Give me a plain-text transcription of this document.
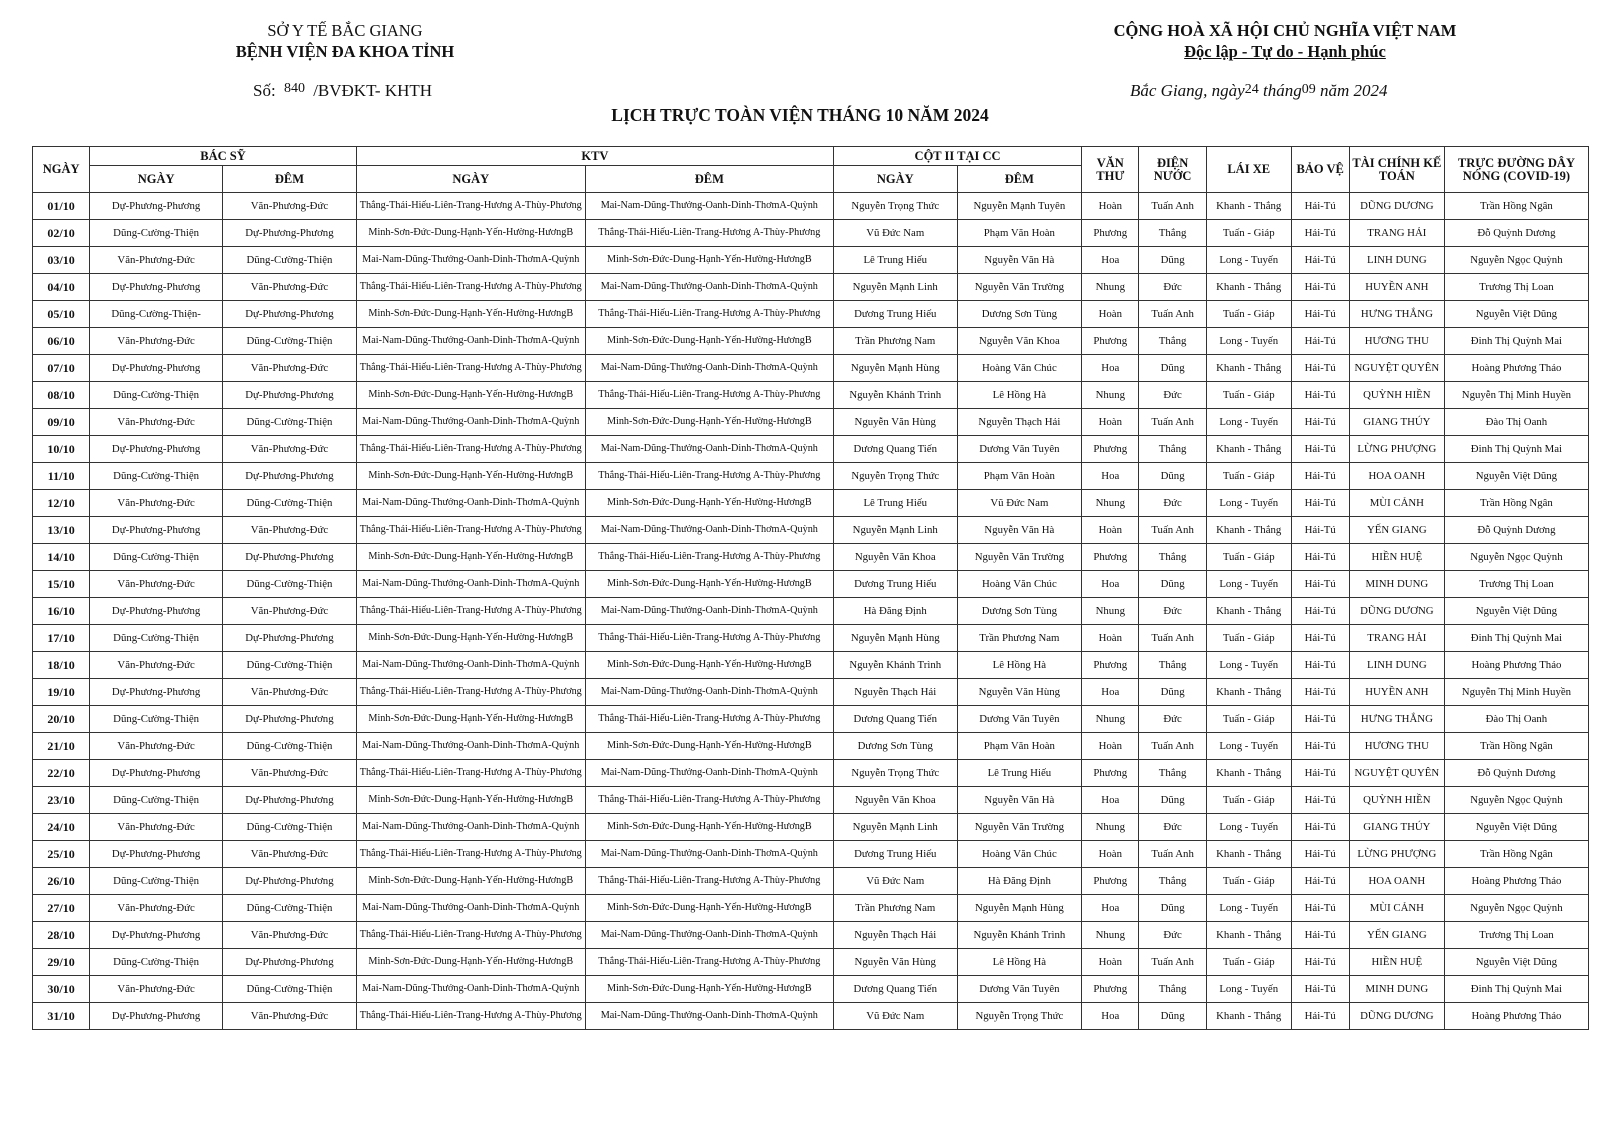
SỞ Y TẾ BẮC GIANG
BỆNH VIỆN ĐA KHOA TỈNH
CỘNG HOÀ XÃ HỘI CHỦ NGHĨA VIỆT NAM
Độc lập - Tự do - Hạnh phúc
Số: $^{840}$ /BVĐKT- KHTH	Bắc Giang, ngày24 tháng09 năm 2024
LỊCH TRỰC TOÀN VIỆN THÁNG 10 NĂM 2024
NGÀY	BÁC SỸ		KTV		CỘT II TẠI CC		VĂN THƯ	ĐIỆN NƯỚC	LÁI XE	BẢO VỆ	TÀI CHÍNH KẾ TOÁN	TRỰC ĐƯỜNG DÂY NÓNG (COVID-19)
	NGÀY	ĐÊM	NGÀY	ĐÊM	NGÀY	ĐÊM						
01/10	Dự-Phương-Phương	Văn-Phương-Đức	Thắng-Thái-Hiếu-Liên-Trang-Hương A-Thùy-Phương	Mai-Nam-Dũng-Thưởng-Oanh-Dinh-ThơmA-Quỳnh	Nguyễn Trọng Thức	Nguyễn Mạnh Tuyên	Hoàn	Tuấn Anh	Khanh - Thắng	Hải-Tú	DŨNG DƯƠNG	Trần Hồng Ngân
02/10	Dũng-Cường-Thiện	Dự-Phương-Phương	Minh-Sơn-Đức-Dung-Hạnh-Yến-Hường-HươngB	Thắng-Thái-Hiếu-Liên-Trang-Hương A-Thùy-Phương	Vũ Đức Nam	Phạm Văn Hoàn	Phương	Thắng	Tuấn - Giáp	Hải-Tú	TRANG HẢI	Đỗ Quỳnh Dương
03/10	Văn-Phương-Đức	Dũng-Cường-Thiện	Mai-Nam-Dũng-Thưởng-Oanh-Dinh-ThơmA-Quỳnh	Minh-Sơn-Đức-Dung-Hạnh-Yến-Hường-HươngB	Lê Trung Hiếu	Nguyễn Văn Hà	Hoa	Dũng	Long - Tuyến	Hải-Tú	LINH DUNG	Nguyễn Ngọc Quỳnh
04/10	Dự-Phương-Phương	Văn-Phương-Đức	Thắng-Thái-Hiếu-Liên-Trang-Hương A-Thùy-Phương	Mai-Nam-Dũng-Thưởng-Oanh-Dinh-ThơmA-Quỳnh	Nguyễn Mạnh Linh	Nguyễn Văn Trường	Nhung	Đức	Khanh - Thắng	Hải-Tú	HUYỀN ANH	Trương Thị Loan
05/10	Dũng-Cường-Thiện-	Dự-Phương-Phương	Minh-Sơn-Đức-Dung-Hạnh-Yến-Hường-HươngB	Thắng-Thái-Hiếu-Liên-Trang-Hương A-Thùy-Phương	Dương Trung Hiếu	Dương Sơn Tùng	Hoàn	Tuấn Anh	Tuấn - Giáp	Hải-Tú	HƯNG THẮNG	Nguyễn Việt Dũng
06/10	Văn-Phương-Đức	Dũng-Cường-Thiện	Mai-Nam-Dũng-Thưởng-Oanh-Dinh-ThơmA-Quỳnh	Minh-Sơn-Đức-Dung-Hạnh-Yến-Hường-HươngB	Trần Phương Nam	Nguyễn Văn Khoa	Phương	Thắng	Long - Tuyến	Hải-Tú	HƯƠNG THU	Đinh Thị Quỳnh Mai
07/10	Dự-Phương-Phương	Văn-Phương-Đức	Thắng-Thái-Hiếu-Liên-Trang-Hương A-Thùy-Phương	Mai-Nam-Dũng-Thưởng-Oanh-Dinh-ThơmA-Quỳnh	Nguyễn Mạnh Hùng	Hoàng Văn Chúc	Hoa	Dũng	Khanh - Thắng	Hải-Tú	NGUYỆT QUYÊN	Hoàng Phương Thảo
08/10	Dũng-Cường-Thiện	Dự-Phương-Phương	Minh-Sơn-Đức-Dung-Hạnh-Yến-Hường-HươngB	Thắng-Thái-Hiếu-Liên-Trang-Hương A-Thùy-Phương	Nguyễn Khánh Trình	Lê Hồng Hà	Nhung	Đức	Tuấn - Giáp	Hải-Tú	QUỲNH HIỀN	Nguyễn Thị Minh Huyền
09/10	Văn-Phương-Đức	Dũng-Cường-Thiện	Mai-Nam-Dũng-Thưởng-Oanh-Dinh-ThơmA-Quỳnh	Minh-Sơn-Đức-Dung-Hạnh-Yến-Hường-HươngB	Nguyễn Văn Hùng	Nguyễn Thạch Hải	Hoàn	Tuấn Anh	Long - Tuyến	Hải-Tú	GIANG THÚY	Đào Thị Oanh
10/10	Dự-Phương-Phương	Văn-Phương-Đức	Thắng-Thái-Hiếu-Liên-Trang-Hương A-Thùy-Phương	Mai-Nam-Dũng-Thưởng-Oanh-Dinh-ThơmA-Quỳnh	Dương Quang Tiến	Dương Văn Tuyên	Phương	Thắng	Khanh - Thắng	Hải-Tú	LỪNG PHƯỢNG	Đinh Thị Quỳnh Mai
11/10	Dũng-Cường-Thiện	Dự-Phương-Phương	Minh-Sơn-Đức-Dung-Hạnh-Yến-Hường-HươngB	Thắng-Thái-Hiếu-Liên-Trang-Hương A-Thùy-Phương	Nguyễn Trọng Thức	Phạm Văn Hoàn	Hoa	Dũng	Tuấn - Giáp	Hải-Tú	HOA OANH	Nguyễn Việt Dũng
12/10	Văn-Phương-Đức	Dũng-Cường-Thiện	Mai-Nam-Dũng-Thưởng-Oanh-Dinh-ThơmA-Quỳnh	Minh-Sơn-Đức-Dung-Hạnh-Yến-Hường-HươngB	Lê Trung Hiếu	Vũ Đức Nam	Nhung	Đức	Long - Tuyến	Hải-Tú	MÙI CẢNH	Trần Hồng Ngân
13/10	Dự-Phương-Phương	Văn-Phương-Đức	Thắng-Thái-Hiếu-Liên-Trang-Hương A-Thùy-Phương	Mai-Nam-Dũng-Thưởng-Oanh-Dinh-ThơmA-Quỳnh	Nguyễn Mạnh Linh	Nguyễn Văn Hà	Hoàn	Tuấn Anh	Khanh - Thắng	Hải-Tú	YẾN GIANG	Đỗ Quỳnh Dương
14/10	Dũng-Cường-Thiện	Dự-Phương-Phương	Minh-Sơn-Đức-Dung-Hạnh-Yến-Hường-HươngB	Thắng-Thái-Hiếu-Liên-Trang-Hương A-Thùy-Phương	Nguyễn Văn Khoa	Nguyễn Văn Trường	Phương	Thắng	Tuấn - Giáp	Hải-Tú	HIỀN HUỆ	Nguyễn Ngọc Quỳnh
15/10	Văn-Phương-Đức	Dũng-Cường-Thiện	Mai-Nam-Dũng-Thưởng-Oanh-Dinh-ThơmA-Quỳnh	Minh-Sơn-Đức-Dung-Hạnh-Yến-Hường-HươngB	Dương Trung Hiếu	Hoàng Văn Chúc	Hoa	Dũng	Long - Tuyến	Hải-Tú	MINH DUNG	Trương Thị Loan
16/10	Dự-Phương-Phương	Văn-Phương-Đức	Thắng-Thái-Hiếu-Liên-Trang-Hương A-Thùy-Phương	Mai-Nam-Dũng-Thưởng-Oanh-Dinh-ThơmA-Quỳnh	Hà Đăng Định	Dương Sơn Tùng	Nhung	Đức	Khanh - Thắng	Hải-Tú	DŨNG DƯƠNG	Nguyễn Việt Dũng
17/10	Dũng-Cường-Thiện	Dự-Phương-Phương	Minh-Sơn-Đức-Dung-Hạnh-Yến-Hường-HươngB	Thắng-Thái-Hiếu-Liên-Trang-Hương A-Thùy-Phương	Nguyễn Mạnh Hùng	Trần Phương Nam	Hoàn	Tuấn Anh	Tuấn - Giáp	Hải-Tú	TRANG HẢI	Đinh Thị Quỳnh Mai
18/10	Văn-Phương-Đức	Dũng-Cường-Thiện	Mai-Nam-Dũng-Thưởng-Oanh-Dinh-ThơmA-Quỳnh	Minh-Sơn-Đức-Dung-Hạnh-Yến-Hường-HươngB	Nguyễn Khánh Trình	Lê Hồng Hà	Phương	Thắng	Long - Tuyến	Hải-Tú	LINH DUNG	Hoàng Phương Thảo
19/10	Dự-Phương-Phương	Văn-Phương-Đức	Thắng-Thái-Hiếu-Liên-Trang-Hương A-Thùy-Phương	Mai-Nam-Dũng-Thưởng-Oanh-Dinh-ThơmA-Quỳnh	Nguyễn Thạch Hải	Nguyễn Văn Hùng	Hoa	Dũng	Khanh - Thắng	Hải-Tú	HUYỀN ANH	Nguyễn Thị Minh Huyền
20/10	Dũng-Cường-Thiện	Dự-Phương-Phương	Minh-Sơn-Đức-Dung-Hạnh-Yến-Hường-HươngB	Thắng-Thái-Hiếu-Liên-Trang-Hương A-Thùy-Phương	Dương Quang Tiến	Dương Văn Tuyên	Nhung	Đức	Tuấn - Giáp	Hải-Tú	HƯNG THẮNG	Đào Thị Oanh
21/10	Văn-Phương-Đức	Dũng-Cường-Thiện	Mai-Nam-Dũng-Thưởng-Oanh-Dinh-ThơmA-Quỳnh	Minh-Sơn-Đức-Dung-Hạnh-Yến-Hường-HươngB	Dương Sơn Tùng	Phạm Văn Hoàn	Hoàn	Tuấn Anh	Long - Tuyến	Hải-Tú	HƯƠNG THU	Trần Hồng Ngân
22/10	Dự-Phương-Phương	Văn-Phương-Đức	Thắng-Thái-Hiếu-Liên-Trang-Hương A-Thùy-Phương	Mai-Nam-Dũng-Thưởng-Oanh-Dinh-ThơmA-Quỳnh	Nguyễn Trọng Thức	Lê Trung Hiếu	Phương	Thắng	Khanh - Thắng	Hải-Tú	NGUYỆT QUYÊN	Đỗ Quỳnh Dương
23/10	Dũng-Cường-Thiện	Dự-Phương-Phương	Minh-Sơn-Đức-Dung-Hạnh-Yến-Hường-HươngB	Thắng-Thái-Hiếu-Liên-Trang-Hương A-Thùy-Phương	Nguyễn Văn Khoa	Nguyễn Văn Hà	Hoa	Dũng	Tuấn - Giáp	Hải-Tú	QUỲNH HIỀN	Nguyễn Ngọc Quỳnh
24/10	Văn-Phương-Đức	Dũng-Cường-Thiện	Mai-Nam-Dũng-Thưởng-Oanh-Dinh-ThơmA-Quỳnh	Minh-Sơn-Đức-Dung-Hạnh-Yến-Hường-HươngB	Nguyễn Mạnh Linh	Nguyễn Văn Trường	Nhung	Đức	Long - Tuyến	Hải-Tú	GIANG THÚY	Nguyễn Việt Dũng
25/10	Dự-Phương-Phương	Văn-Phương-Đức	Thắng-Thái-Hiếu-Liên-Trang-Hương A-Thùy-Phương	Mai-Nam-Dũng-Thưởng-Oanh-Dinh-ThơmA-Quỳnh	Dương Trung Hiếu	Hoàng Văn Chúc	Hoàn	Tuấn Anh	Khanh - Thắng	Hải-Tú	LỪNG PHƯỢNG	Trần Hồng Ngân
26/10	Dũng-Cường-Thiện	Dự-Phương-Phương	Minh-Sơn-Đức-Dung-Hạnh-Yến-Hường-HươngB	Thắng-Thái-Hiếu-Liên-Trang-Hương A-Thùy-Phương	Vũ Đức Nam	Hà Đăng Định	Phương	Thắng	Tuấn - Giáp	Hải-Tú	HOA OANH	Hoàng Phương Thảo
27/10	Văn-Phương-Đức	Dũng-Cường-Thiện	Mai-Nam-Dũng-Thưởng-Oanh-Dinh-ThơmA-Quỳnh	Minh-Sơn-Đức-Dung-Hạnh-Yến-Hường-HươngB	Trần Phương Nam	Nguyễn Mạnh Hùng	Hoa	Dũng	Long - Tuyến	Hải-Tú	MÙI CẢNH	Nguyễn Ngọc Quỳnh
28/10	Dự-Phương-Phương	Văn-Phương-Đức	Thắng-Thái-Hiếu-Liên-Trang-Hương A-Thùy-Phương	Mai-Nam-Dũng-Thưởng-Oanh-Dinh-ThơmA-Quỳnh	Nguyễn Thạch Hải	Nguyễn Khánh Trình	Nhung	Đức	Khanh - Thắng	Hải-Tú	YẾN GIANG	Trương Thị Loan
29/10	Dũng-Cường-Thiện	Dự-Phương-Phương	Minh-Sơn-Đức-Dung-Hạnh-Yến-Hường-HươngB	Thắng-Thái-Hiếu-Liên-Trang-Hương A-Thùy-Phương	Nguyễn Văn Hùng	Lê Hồng Hà	Hoàn	Tuấn Anh	Tuấn - Giáp	Hải-Tú	HIỀN HUỆ	Nguyễn Việt Dũng
30/10	Văn-Phương-Đức	Dũng-Cường-Thiện	Mai-Nam-Dũng-Thưởng-Oanh-Dinh-ThơmA-Quỳnh	Minh-Sơn-Đức-Dung-Hạnh-Yến-Hường-HươngB	Dương Quang Tiến	Dương Văn Tuyên	Phương	Thắng	Long - Tuyến	Hải-Tú	MINH DUNG	Đinh Thị Quỳnh Mai
31/10	Dự-Phương-Phương	Văn-Phương-Đức	Thắng-Thái-Hiếu-Liên-Trang-Hương A-Thùy-Phương	Mai-Nam-Dũng-Thưởng-Oanh-Dinh-ThơmA-Quỳnh	Vũ Đức Nam	Nguyễn Trọng Thức	Hoa	Dũng	Khanh - Thắng	Hải-Tú	DŨNG DƯƠNG	Hoàng Phương Thảo
